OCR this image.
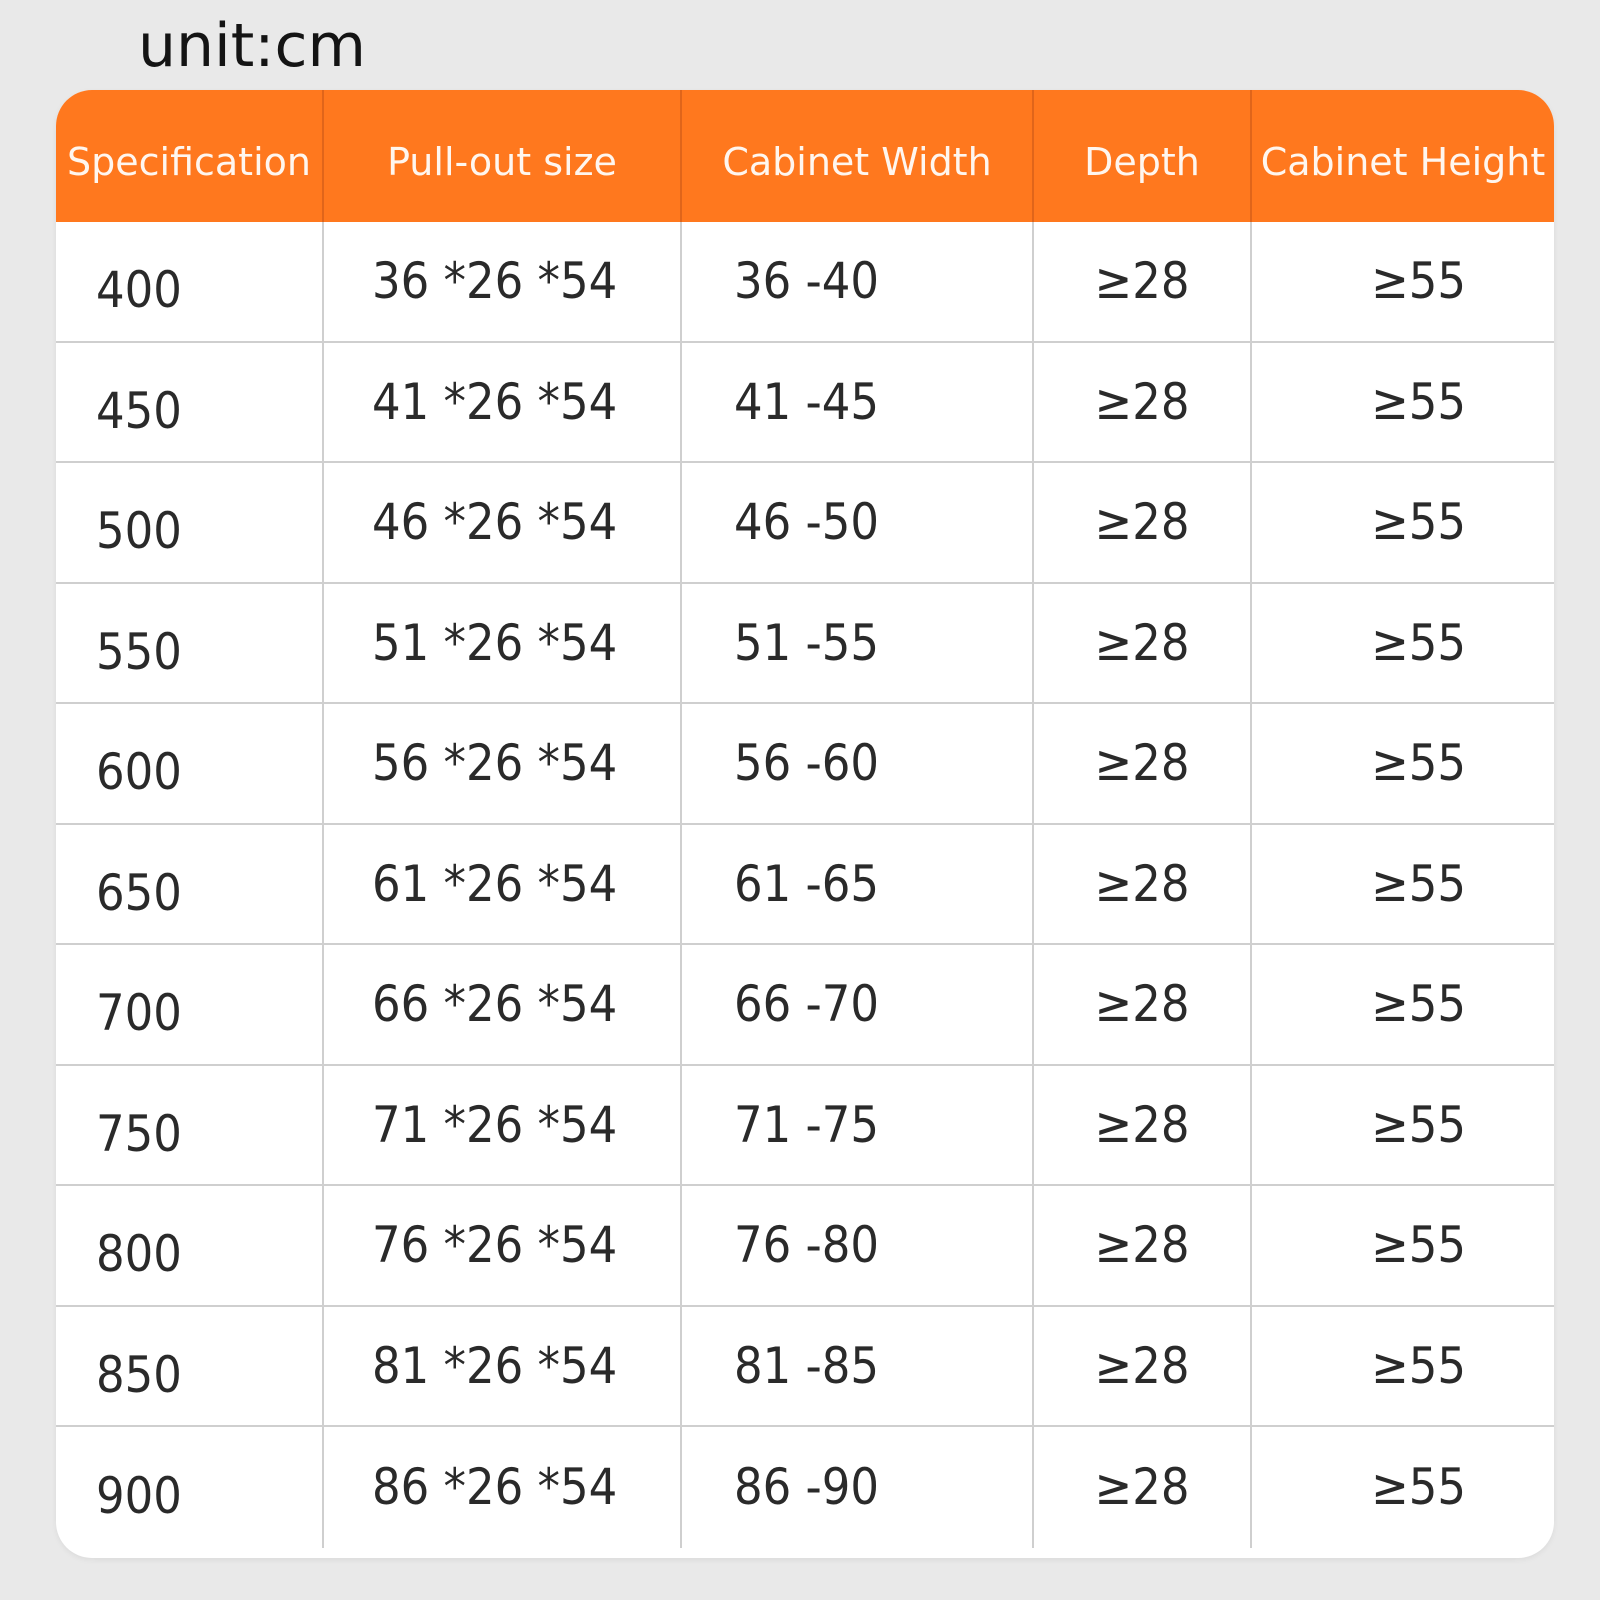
unit:cm
Specification	Pull-out size	Cabinet Width	Depth	Cabinet Height
400	36 *26 *54	36 -40	≥28	≥55
450	41 *26 *54	41 -45	≥28	≥55
500	46 *26 *54	46 -50	≥28	≥55
550	51 *26 *54	51 -55	≥28	≥55
600	56 *26 *54	56 -60	≥28	≥55
650	61 *26 *54	61 -65	≥28	≥55
700	66 *26 *54	66 -70	≥28	≥55
750	71 *26 *54	71 -75	≥28	≥55
800	76 *26 *54	76 -80	≥28	≥55
850	81 *26 *54	81 -85	≥28	≥55
900	86 *26 *54	86 -90	≥28	≥55
